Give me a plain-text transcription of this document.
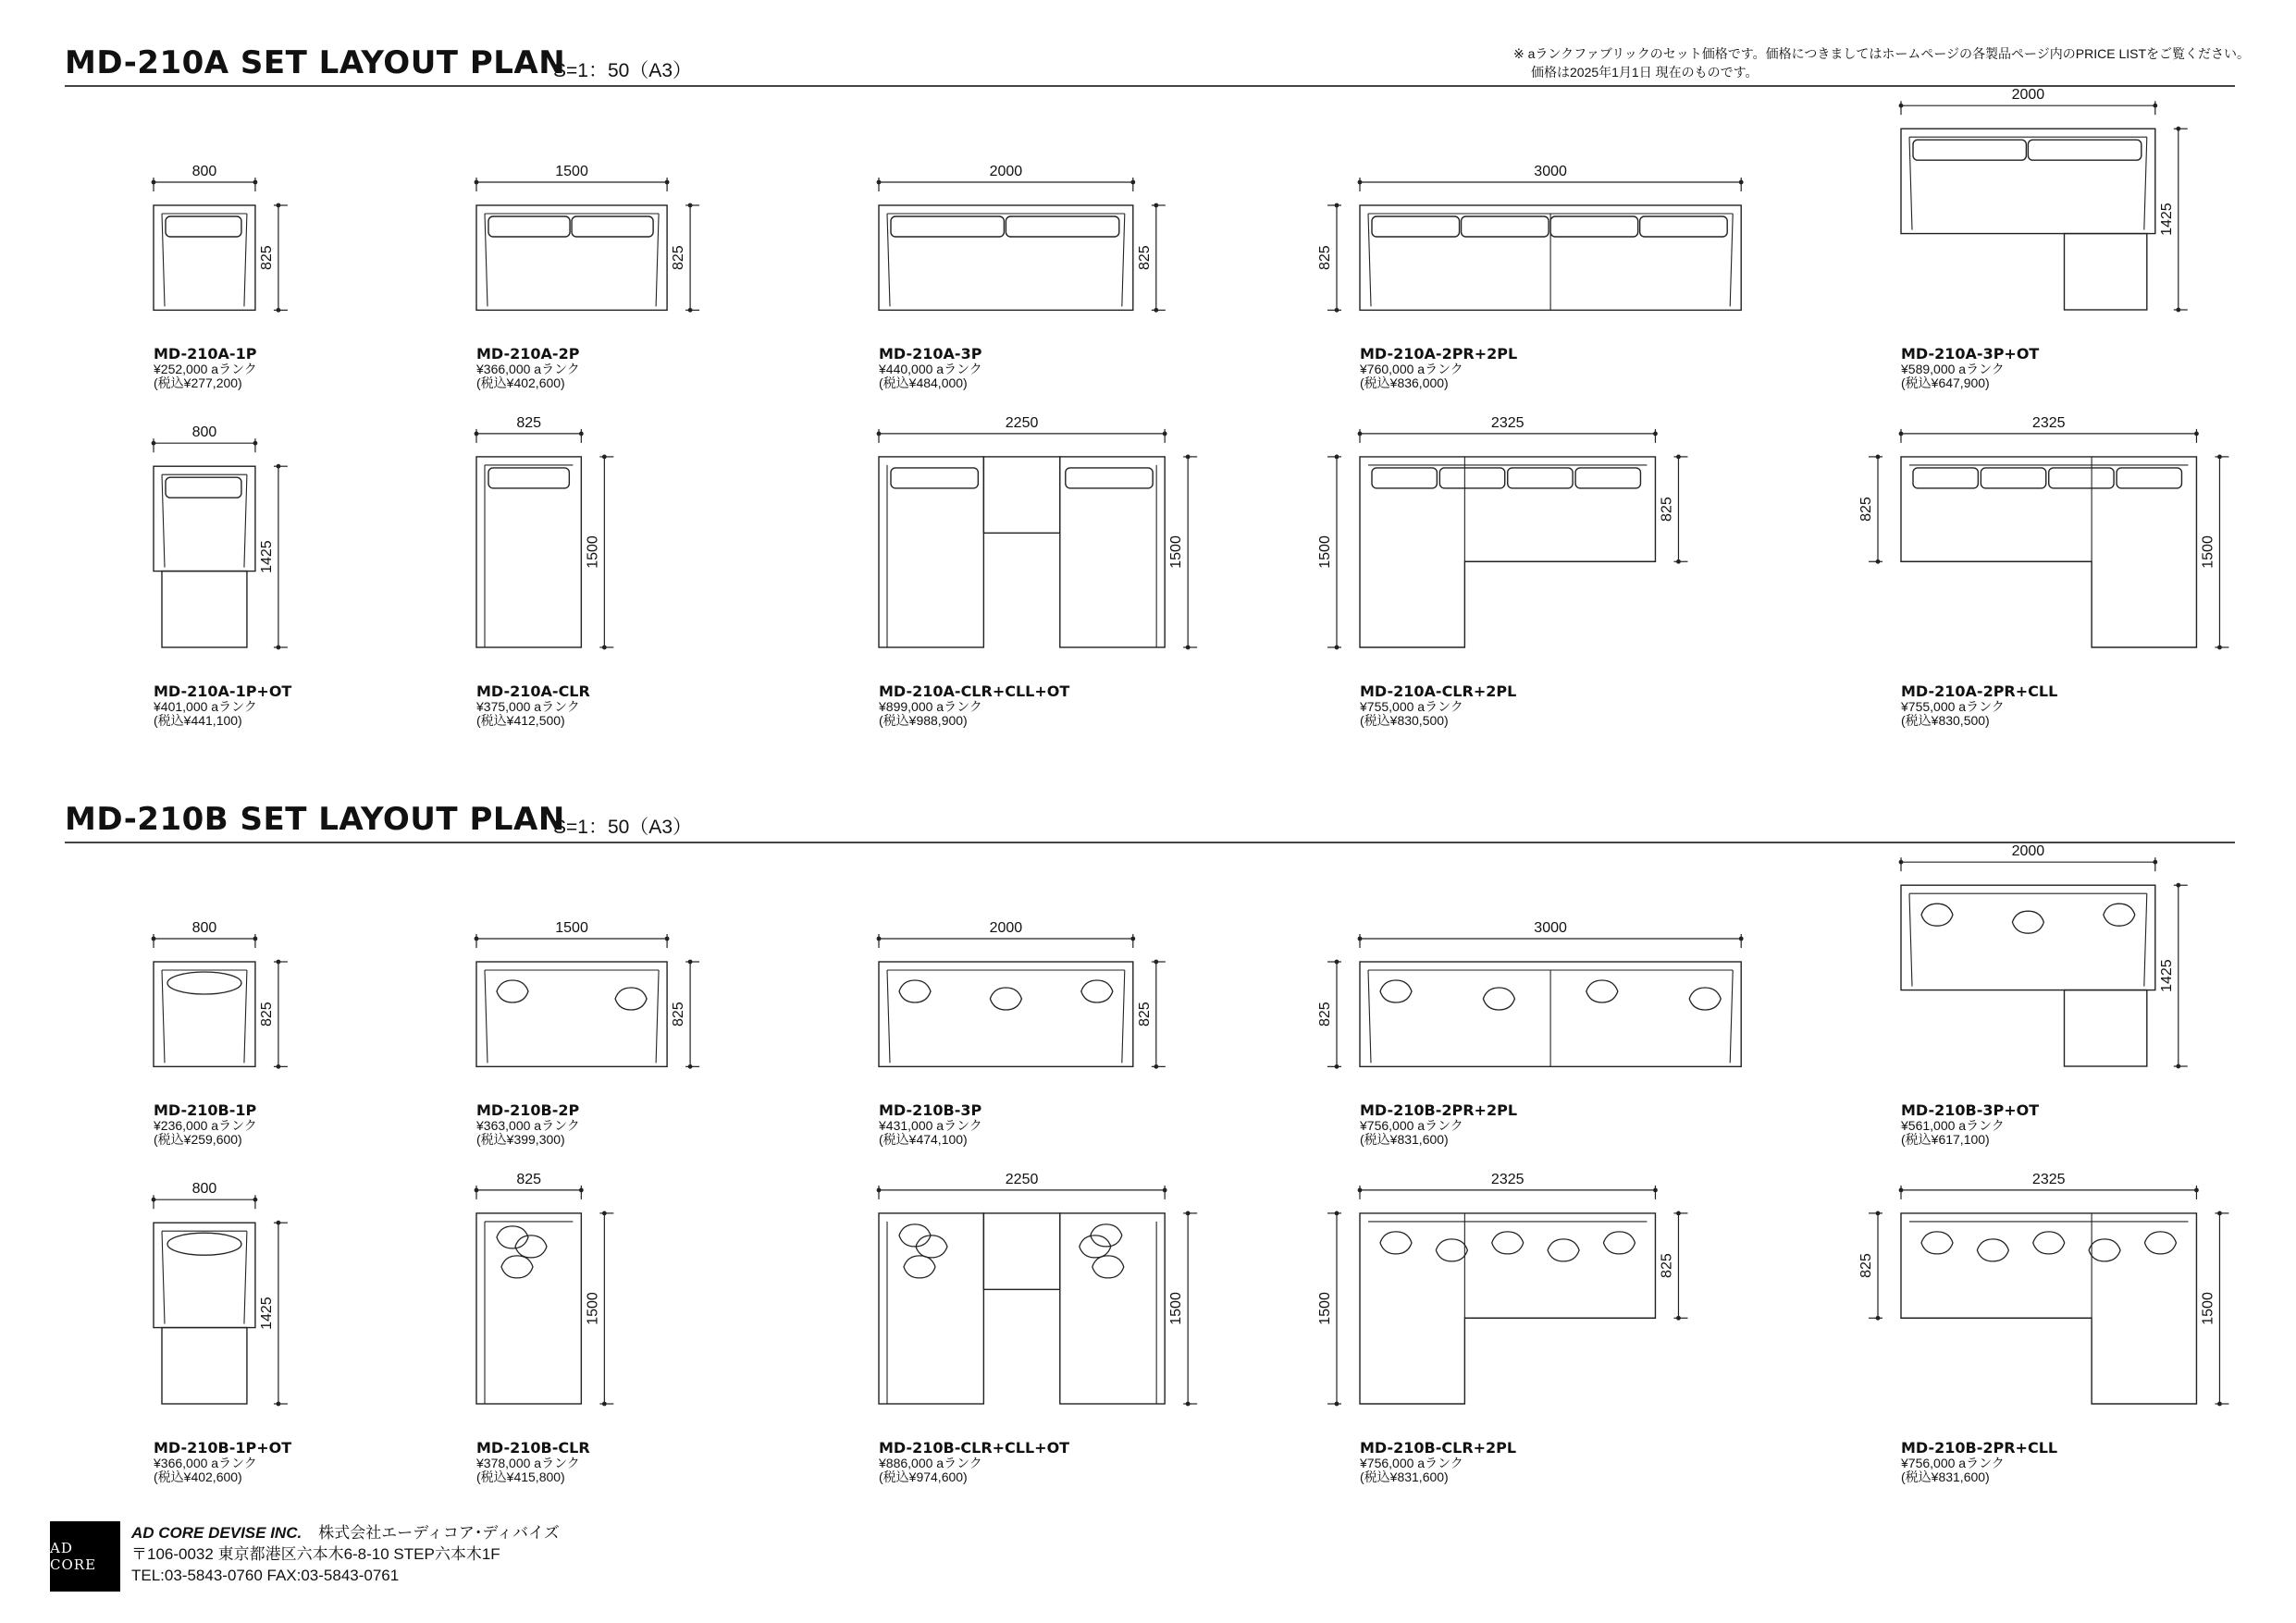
※ aランクファブリックのセット価格です。価格につきましてはホームページの各製品ページ内のPRICE LISTをご覧ください。
価格は2025年1月1日 現在のものです。
MD-210A SET LAYOUT PLAN
S=1：50（A3）
MD-210B SET LAYOUT PLAN
S=1：50（A3）
800
825
MD-210A-1P
¥252,000 aランク
(税込¥277,200)
1500
825
MD-210A-2P
¥366,000 aランク
(税込¥402,600)
2000
825
MD-210A-3P
¥440,000 aランク
(税込¥484,000)
3000
825
MD-210A-2PR+2PL
¥760,000 aランク
(税込¥836,000)
2000
1425
MD-210A-3P+OT
¥589,000 aランク
(税込¥647,900)
800
1425
MD-210A-1P+OT
¥401,000 aランク
(税込¥441,100)
825
1500
MD-210A-CLR
¥375,000 aランク
(税込¥412,500)
2250
1500
MD-210A-CLR+CLL+OT
¥899,000 aランク
(税込¥988,900)
2325
825
1500
MD-210A-CLR+2PL
¥755,000 aランク
(税込¥830,500)
2325
825
1500
MD-210A-2PR+CLL
¥755,000 aランク
(税込¥830,500)
800
825
MD-210B-1P
¥236,000 aランク
(税込¥259,600)
1500
825
MD-210B-2P
¥363,000 aランク
(税込¥399,300)
2000
825
MD-210B-3P
¥431,000 aランク
(税込¥474,100)
3000
825
MD-210B-2PR+2PL
¥756,000 aランク
(税込¥831,600)
2000
1425
MD-210B-3P+OT
¥561,000 aランク
(税込¥617,100)
800
1425
MD-210B-1P+OT
¥366,000 aランク
(税込¥402,600)
825
1500
MD-210B-CLR
¥378,000 aランク
(税込¥415,800)
2250
1500
MD-210B-CLR+CLL+OT
¥886,000 aランク
(税込¥974,600)
2325
825
1500
MD-210B-CLR+2PL
¥756,000 aランク
(税込¥831,600)
2325
825
1500
MD-210B-2PR+CLL
¥756,000 aランク
(税込¥831,600)
AD CORE
AD CORE DEVISE INC. 株式会社エーディコア･ディバイズ
〒106-0032 東京都港区六本木6-8-10 STEP六本木1F
TEL:03-5843-0760 FAX:03-5843-0761
